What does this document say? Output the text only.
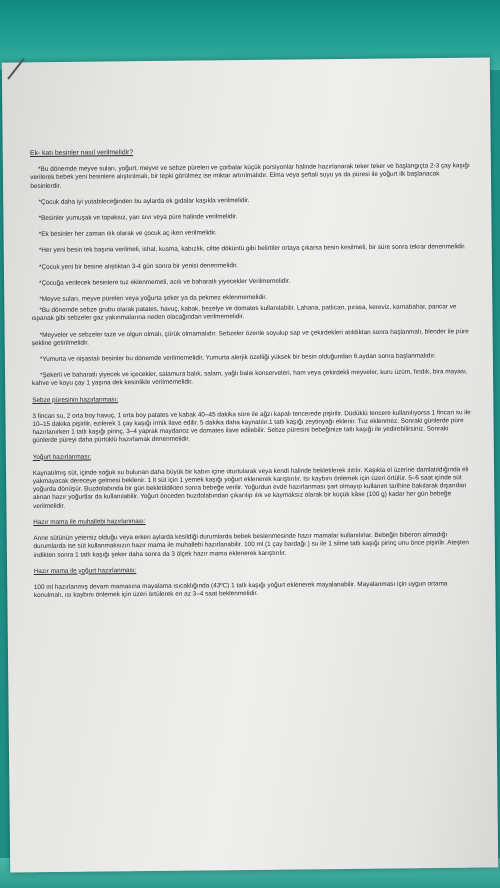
Ek- katı besinler nasıl verilmelidir?

*Bu dönemde meyve suları, yoğurt, meyve ve sebze püreleri ve çorbalar küçük porsiyonlar halinde hazırlanarak teker teker ve başlangıçta 2-3 çay kaşığı verilerek bebek yeni besinlere alıştırılmalı, bir tepki görülmez ise miktar artırılmalıdır. Elma veya şeftali suyu ya da püresi ile yoğurt ilk başlanacak besinlerdir.

*Çocuk daha iyi yutabileceğinden bu aylarda ek gıdalar kaşıkla verilmelidir.

*Besinler yumuşak ve topaksız, yarı sıvı veya püre halinde verilmelidir.

*Ek besinler her zaman ılık olarak ve çocuk aç iken verilmelidir.

*Her yeni besin tek başına verilmeli, ishal, kusma, kabızlık, ciltte döküntü gibi belirtiler ortaya çıkarsa besin kesilmeli, bir süre sonra tekrar denenmelidir.

*Çocuk yeni bir besine alıştıktan 3-4 gün sonra bir yenisi denenmelidir.

*Çocuğa verilecek besinlere tuz eklenmemeli, acılı ve baharatlı yiyecekler Verilmemelidir.

*Meyve suları, meyve püreleri veya yoğurta şeker ya da pekmez eklenmemelidir.

*Bu dönemde sebze grubu olarak patates, havuç, kabak, bezelye ve domates kullanılabilir. Lahana, patlıcan, pırasa, kereviz, karnabahar, pancar ve ıspanak gibi sebzeler gaz yakınmalarına neden olacağından verilmemelidir.

*Meyveler ve sebzeler taze ve olgun olmalı, çürük olmamalıdır. Sebzeler özenle soyulup sap ve çekirdekleri atıldıktan sonra haşlanmalı, blender ile püre şekline getirilmelidir.

*Yumurta ve nişastalı besinler bu dönemde verilmemelidir, Yumurta alerjik özelliği yüksek bir besin olduğundan 6.aydan sonra başlanmalıdır.

*Şekerli ve baharatlı yiyecek ve içecekler, salamura balık, salam, yağlı balık konserveleri, ham veya çekirdekli meyveler, kuru üzüm, fındık, bira mayası, kahve ve koyu çay 1 yaşına dek kesinlikle verilmemelidir.

Sebze püresinin hazırlanması:

3 fincan su, 2 orta boy havuç, 1 orta boy patates ve kabak 40–45 dakika süre ile ağzı kapalı tencerede pişirilir. Düdüklü tencere kullanılıyorsa 1 fincan su ile 10–15 dakika pişirilir, ezilerek 1 çay kaşığı irmik ilave edilir. 5 dakika daha kaynatılır.1 tatlı kaşığı zeytinyağı eklenir. Tuz eklenmez. Sonraki günlerde püre hazırlanırken 1 tatlı kaşığı pirinç, 3–4 yaprak maydanoz ve domates ilave edilebilir. Sebze püresini bebeğinize tatlı kaşığı ile yedirebilirsiniz. Sonraki günlerde püreyi daha pürtüklü hazırlamak denenmelidir.

Yoğurt hazırlanması:

Kaynatılmış süt, içinde soğuk su bulunan daha büyük bir kabın içine oturtularak veya kendi halinde bekletilerek ılıtılır. Kaşıkla el üzerine damlatıldığında eli yakmayacak dereceye gelmesi beklenir. 1 lt süt için 1 yemek kaşığı yoğurt eklenerek karıştırılır. Isı kaybını önlemek için üzeri örtülür. 5–6 saat içinde süt yoğurda dönüşür. Buzdolabında bir gün bekletildikten sonra bebeğe verilir. Yoğurdun evde hazırlanması şart olmayıp kullanım tarihine bakılarak dışarıdan alınan hazır yoğurtlar da kullanılabilir. Yoğurt önceden buzdolabından çıkarılıp ılık ve kaymaksız olarak bir küçük kâse (100 g) kadar her gün bebeğe verilmelidir.

Hazır mama ile muhallebi hazırlanması:

Anne sütünün yetersiz olduğu veya erken aylarda kesildiği durumlarda bebek beslenmesinde hazır mamalar kullanılırlar. Bebeğin biberon almadığı durumlarda ise süt kullanmaksızın hazır mama ile muhallebi hazırlanabilir. 100 ml (1 çay bardağı ) su ile 1 silme tatlı kaşığı pirinç unu önce pişirilir. Ateşten indikten sonra 1 tatlı kaşığı şeker daha sonra da 3 ölçek hazır mama eklenerek karıştırılır.

Hazır mama ile yoğurt hazırlanması:

100 ml hazırlanmış devam mamasına mayalama ısıcaklığında (43ºC) 1 tatlı kaşığı yoğurt eklenerek mayalanabilir. Mayalanması için uygun ortama konulmalı, ısı kaybını önlemek için üzeri örtülerek en az 3–4 saat beklenmelidir.
